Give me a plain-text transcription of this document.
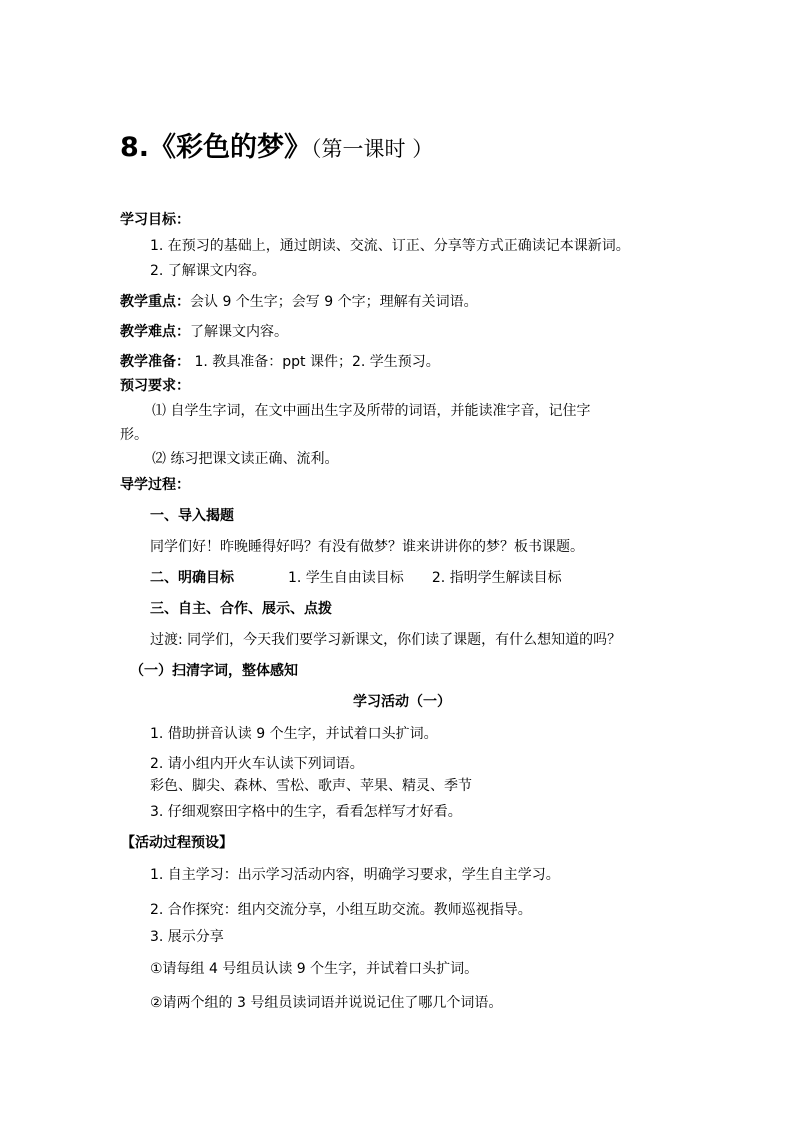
8.《彩色的梦》（第一课时 ）
学习目标：
1. 在预习的基础上，通过朗读、交流、订正、分享等方式正确读记本课新词。
2. 了解课文内容。
教学重点：会认 9 个生字；会写 9 个字；理解有关词语。
教学难点：了解课文内容。
教学准备： 1. 教具准备：ppt 课件；2. 学生预习。
预习要求：
⑴ 自学生字词，在文中画出生字及所带的词语，并能读准字音，记住字
形。
⑵ 练习把课文读正确、流利。
导学过程：
一、导入揭题
同学们好！昨晚睡得好吗？有没有做梦？谁来讲讲你的梦？板书课题。
二、明确目标	1. 学生自由读目标 2. 指明学生解读目标
三、自主、合作、展示、点拨
过渡: 同学们，今天我们要学习新课文，你们读了课题，有什么想知道的吗？
（一）扫清字词，整体感知
学习活动（一）
1. 借助拼音认读 9 个生字，并试着口头扩词。
2. 请小组内开火车认读下列词语。
彩色、脚尖、森林、雪松、歌声、苹果、精灵、季节
3. 仔细观察田字格中的生字，看看怎样写才好看。
【活动过程预设】
1. 自主学习：出示学习活动内容，明确学习要求，学生自主学习。
2. 合作探究：组内交流分享，小组互助交流。教师巡视指导。
3. 展示分享
①请每组 4 号组员认读 9 个生字，并试着口头扩词。
②请两个组的 3 号组员读词语并说说记住了哪几个词语。
